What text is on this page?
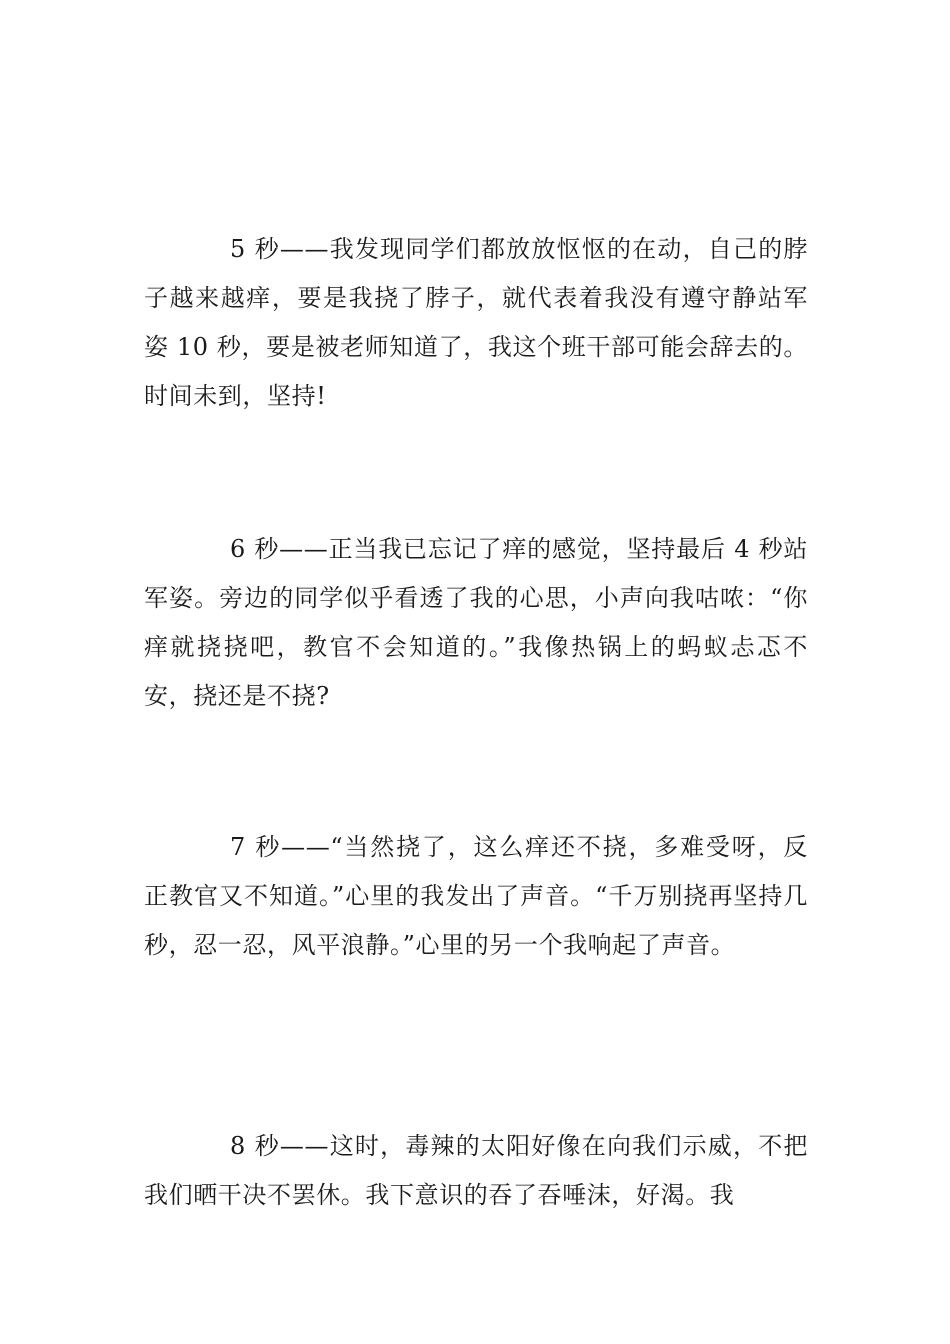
5 秒——我发现同学们都放放怄怄的在动，自己的脖子越来越痒，要是我挠了脖子，就代表着我没有遵守静站军姿 10 秒，要是被老师知道了，我这个班干部可能会辞去的。时间未到，坚持!

6 秒——正当我已忘记了痒的感觉，坚持最后 4 秒站军姿。旁边的同学似乎看透了我的心思，小声向我咕哝：“你痒就挠挠吧，教官不会知道的。”我像热锅上的蚂蚁忐忑不安，挠还是不挠?

7 秒——“当然挠了，这么痒还不挠，多难受呀，反正教官又不知道。”心里的我发出了声音。“千万别挠再坚持几秒，忍一忍，风平浪静。”心里的另一个我响起了声音。

8 秒——这时，毒辣的太阳好像在向我们示威，不把我们晒干决不罢休。我下意识的吞了吞唾沫，好渴。我
